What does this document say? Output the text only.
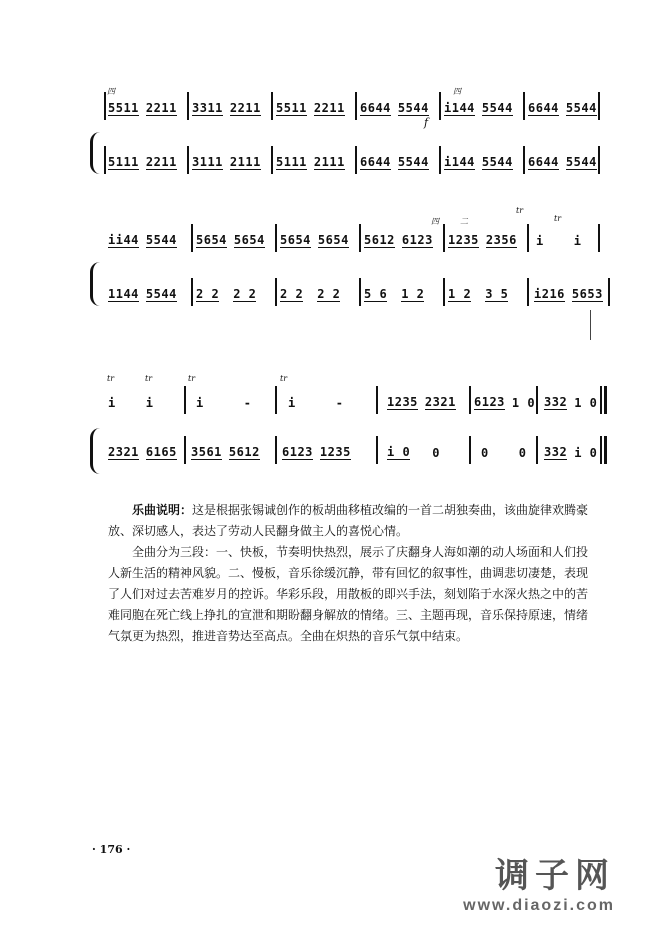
四
f
四
5511 2211 3311 2211 5511 2211 6644 5544 i144 5544 6644 5544
5111 2211 3111 2111 5111 2111 6644 5544 i144 5544 6644 5544
tr
tr
四	二
ii44 5544 5654 5654 5654 5654 5612 6123 1235 2356 i	i
1144 5544 2 2 2 2 2 2 2 2 5 6 1 2 1 2 3 5 i216 5653
tr	tr	tr	tr
i	i	i	-	i	-	1235 2321 6123 1 0 332 1 0
2321 6165 3561 5612 6123 1235	i 0 0	0	0 332 i 0

乐曲说明：这是根据张锡诚创作的板胡曲移植改编的一首二胡独奏曲，该曲旋律欢腾豪放、深切感人，表达了劳动人民翻身做主人的喜悦心情。

全曲分为三段：一、快板，节奏明快热烈，展示了庆翻身人海如潮的动人场面和人们投人新生活的精神风貌。二、慢板，音乐徐缓沉静，带有回忆的叙事性，曲调悲切凄楚，表现了人们对过去苦难岁月的控诉。华彩乐段，用散板的即兴手法，刻划陷于水深火热之中的苦难同胞在死亡线上挣扎的宣泄和期盼翻身解放的情绪。三、主题再现，音乐保持原速，情绪气氛更为热烈，推进音势达至高点。全曲在炽热的音乐气氛中结束。

· 176 ·
调子网
www.diaozi.com
